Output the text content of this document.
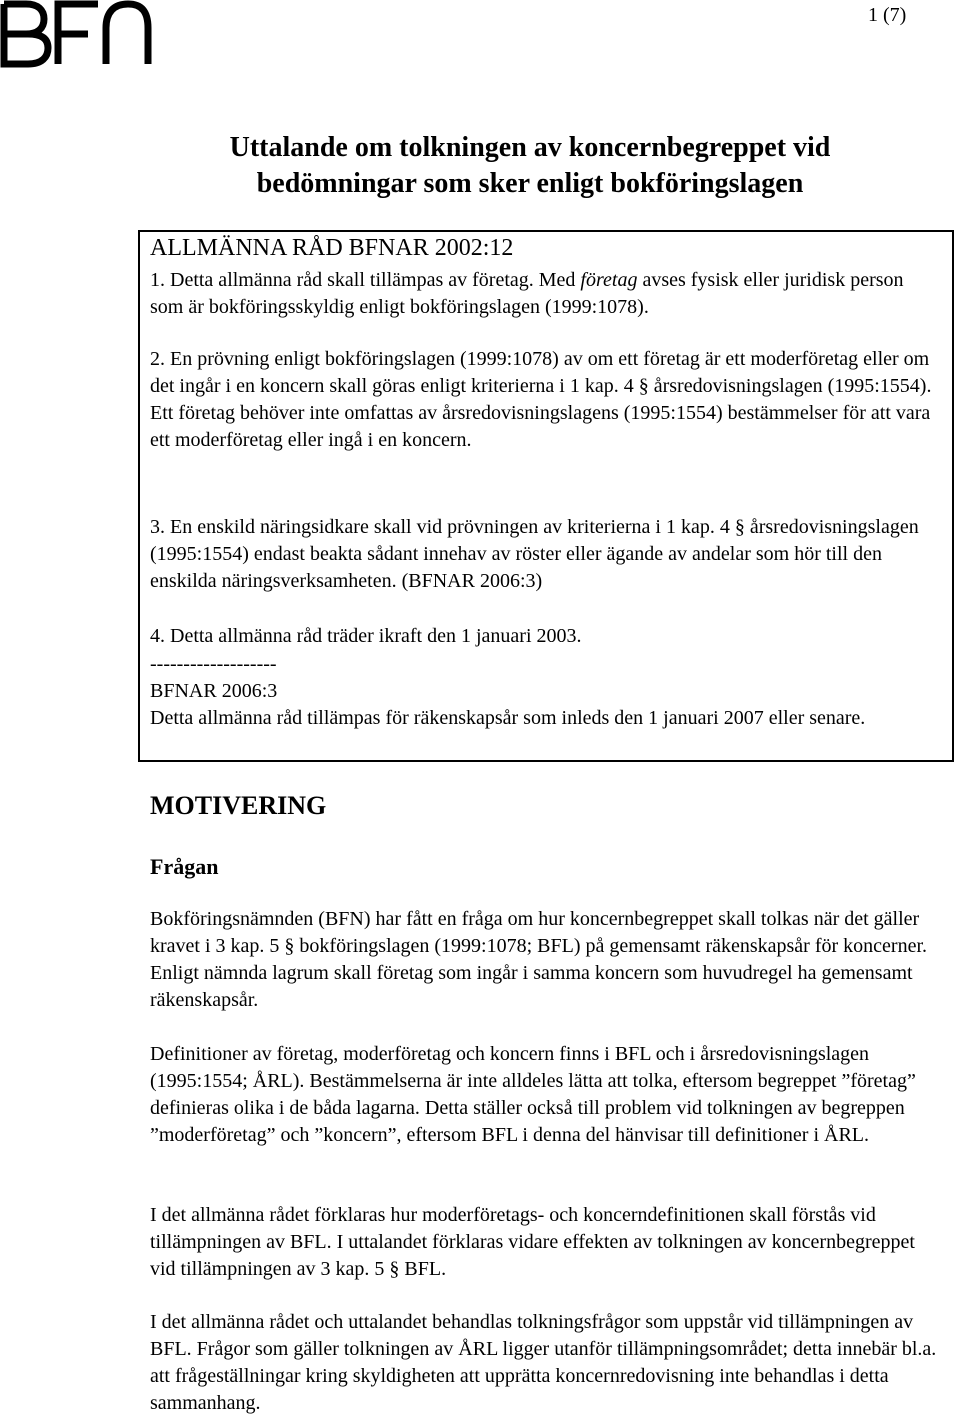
1 (7)
Uttalande om tolkningen av koncernbegreppet vid bedömningar som sker enligt bokföringslagen
ALLMÄNNA RÅD BFNAR 2002:12

1. Detta allmänna råd skall tillämpas av företag. Med företag avses fysisk eller juridisk person som är bokföringsskyldig enligt bokföringslagen (1999:1078).

2. En prövning enligt bokföringslagen (1999:1078) av om ett företag är ett moderföretag eller om det ingår i en koncern skall göras enligt kriterierna i 1 kap. 4 § årsredovisningslagen (1995:1554). Ett företag behöver inte omfattas av årsredovisningslagens (1995:1554) bestämmelser för att vara ett moderföretag eller ingå i en koncern.

3. En enskild näringsidkare skall vid prövningen av kriterierna i 1 kap. 4 § årsredovisningslagen (1995:1554) endast beakta sådant innehav av röster eller ägande av andelar som hör till den enskilda näringsverksamheten. (BFNAR 2006:3)

4. Detta allmänna råd träder ikraft den 1 januari 2003.

-------------------

BFNAR 2006:3

Detta allmänna råd tillämpas för räkenskapsår som inleds den 1 januari 2007 eller senare.

MOTIVERING
Frågan

Bokföringsnämnden (BFN) har fått en fråga om hur koncernbegreppet skall tolkas när det gäller kravet i 3 kap. 5 § bokföringslagen (1999:1078; BFL) på gemensamt räkenskapsår för koncerner. Enligt nämnda lagrum skall företag som ingår i samma koncern som huvudregel ha gemensamt räkenskapsår.

Definitioner av företag, moderföretag och koncern finns i BFL och i årsredovisningslagen (1995:1554; ÅRL). Bestämmelserna är inte alldeles lätta att tolka, eftersom begreppet ”företag” definieras olika i de båda lagarna. Detta ställer också till problem vid tolkningen av begreppen ”moderföretag” och ”koncern”, eftersom BFL i denna del hänvisar till definitioner i ÅRL.

I det allmänna rådet förklaras hur moderföretags- och koncerndefinitionen skall förstås vid tillämpningen av BFL. I uttalandet förklaras vidare effekten av tolkningen av koncernbegreppet vid tillämpningen av 3 kap. 5 § BFL.

I det allmänna rådet och uttalandet behandlas tolkningsfrågor som uppstår vid tillämpningen av BFL. Frågor som gäller tolkningen av ÅRL ligger utanför tillämpningsområdet; detta innebär bl.a. att frågeställningar kring skyldigheten att upprätta koncernredovisning inte behandlas i detta sammanhang.
